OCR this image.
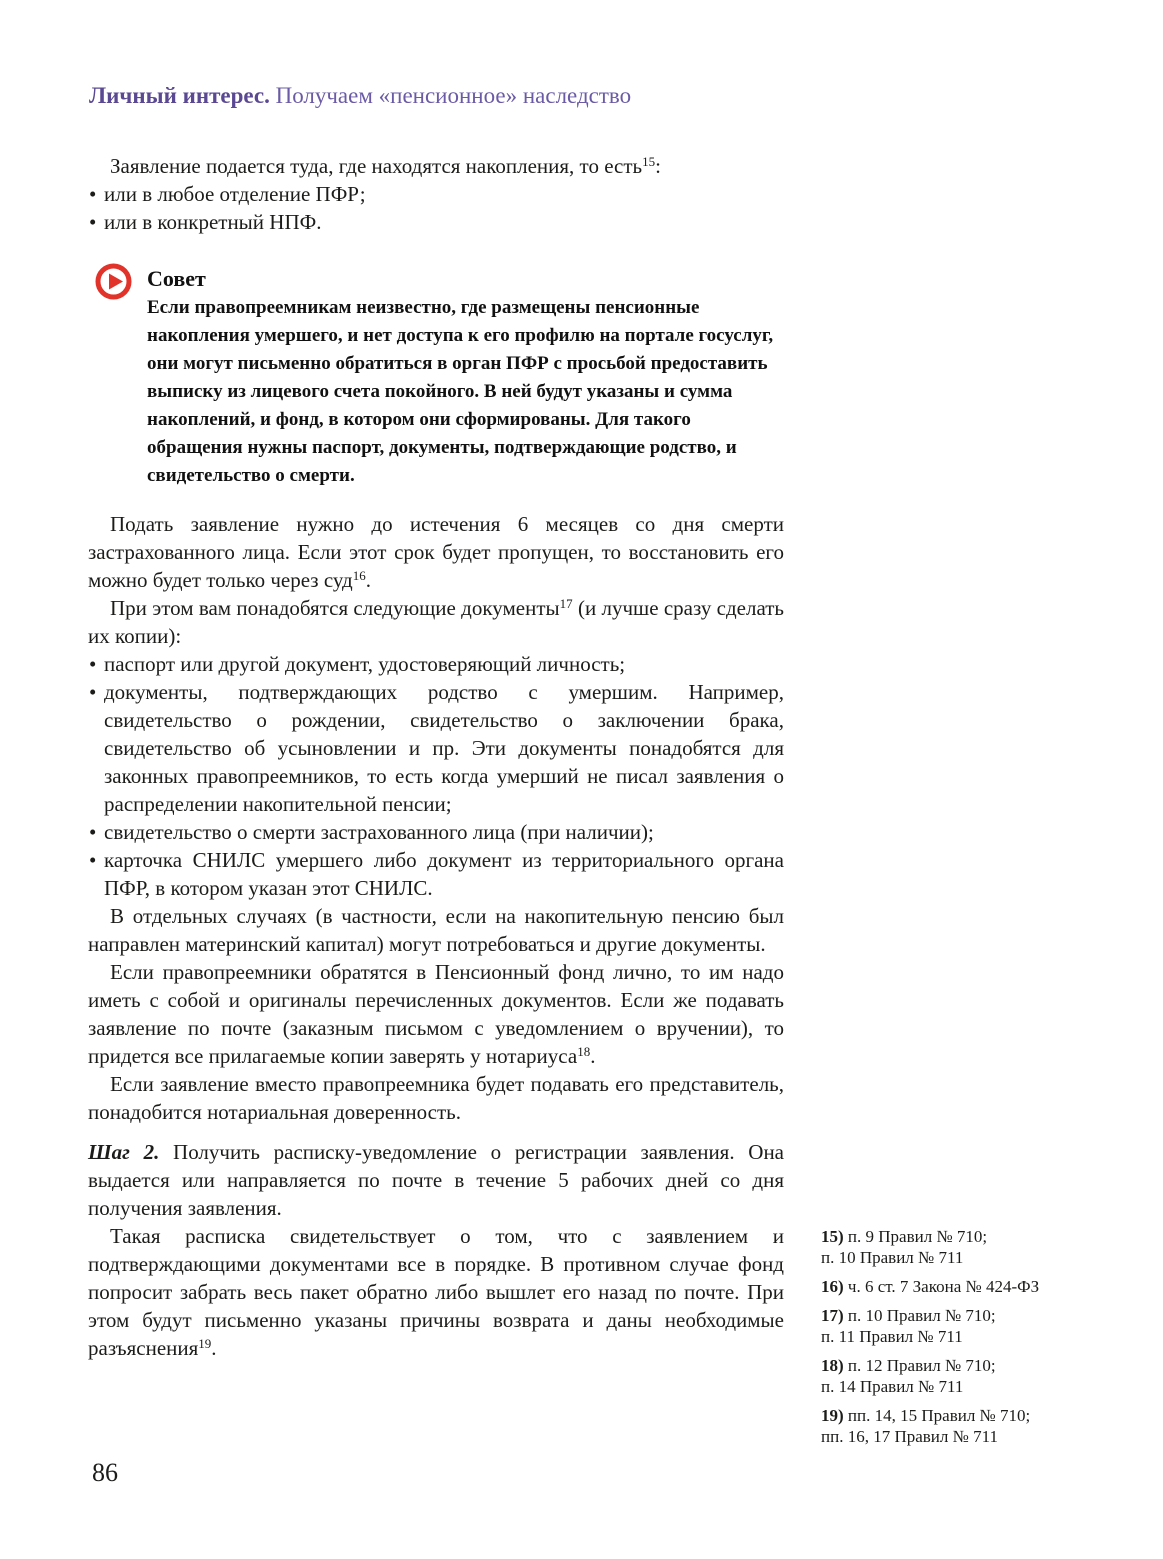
Личный интерес. Получаем «пенсионное» наследство

Заявление подается туда, где находятся накопления, то есть$^{15}$:

• или в любое отделение ПФР;
• или в конкретный НПФ.
Совет
Если правопреемникам неизвестно, где размещены пенсионные накопления умершего, и нет доступа к его профилю на портале госуслуг, они могут письменно обратиться в орган ПФР с просьбой предоставить выписку из лицевого счета покойного. В ней будут указаны и сумма накоплений, и фонд, в котором они сформированы. Для такого обращения нужны паспорт, документы, подтверждающие родство, и свидетельство о смерти.

Подать заявление нужно до истечения 6 месяцев со дня смерти застрахованного лица. Если этот срок будет пропущен, то восстановить его можно будет только через суд$^{16}$.

При этом вам понадобятся следующие документы$^{17}$ (и лучше сразу сделать их копии):

• паспорт или другой документ, удостоверяющий личность;
• документы, подтверждающих родство с умершим. Например, свидетельство о рождении, свидетельство о заключении брака, свидетельство об усыновлении и пр. Эти документы понадобятся для законных правопреемников, то есть когда умерший не писал заявления о распределении накопительной пенсии;
• свидетельство о смерти застрахованного лица (при наличии);
• карточка СНИЛС умершего либо документ из территориального органа ПФР, в котором указан этот СНИЛС.

В отдельных случаях (в частности, если на накопительную пенсию был направлен материнский капитал) могут потребоваться и другие документы.

Если правопреемники обратятся в Пенсионный фонд лично, то им надо иметь с собой и оригиналы перечисленных документов. Если же подавать заявление по почте (заказным письмом с уведомлением о вручении), то придется все прилагаемые копии заверять у нотариуса$^{18}$.

Если заявление вместо правопреемника будет подавать его представитель, понадобится нотариальная доверенность.

Шаг 2. Получить расписку-уведомление о регистрации заявления. Она выдается или направляется по почте в течение 5 рабочих дней со дня получения заявления.

Такая расписка свидетельствует о том, что с заявлением и подтверждающими документами все в порядке. В противном случае фонд попросит забрать весь пакет обратно либо вышлет его назад по почте. При этом будут письменно указаны причины возврата и даны необходимые разъяснения$^{19}$.

15) п. 9 Правил № 710;
п. 10 Правил № 711
16) ч. 6 ст. 7 Закона № 424-ФЗ
17) п. 10 Правил № 710;
п. 11 Правил № 711
18) п. 12 Правил № 710;
п. 14 Правил № 711
19) пп. 14, 15 Правил № 710;
пп. 16, 17 Правил № 711
86
